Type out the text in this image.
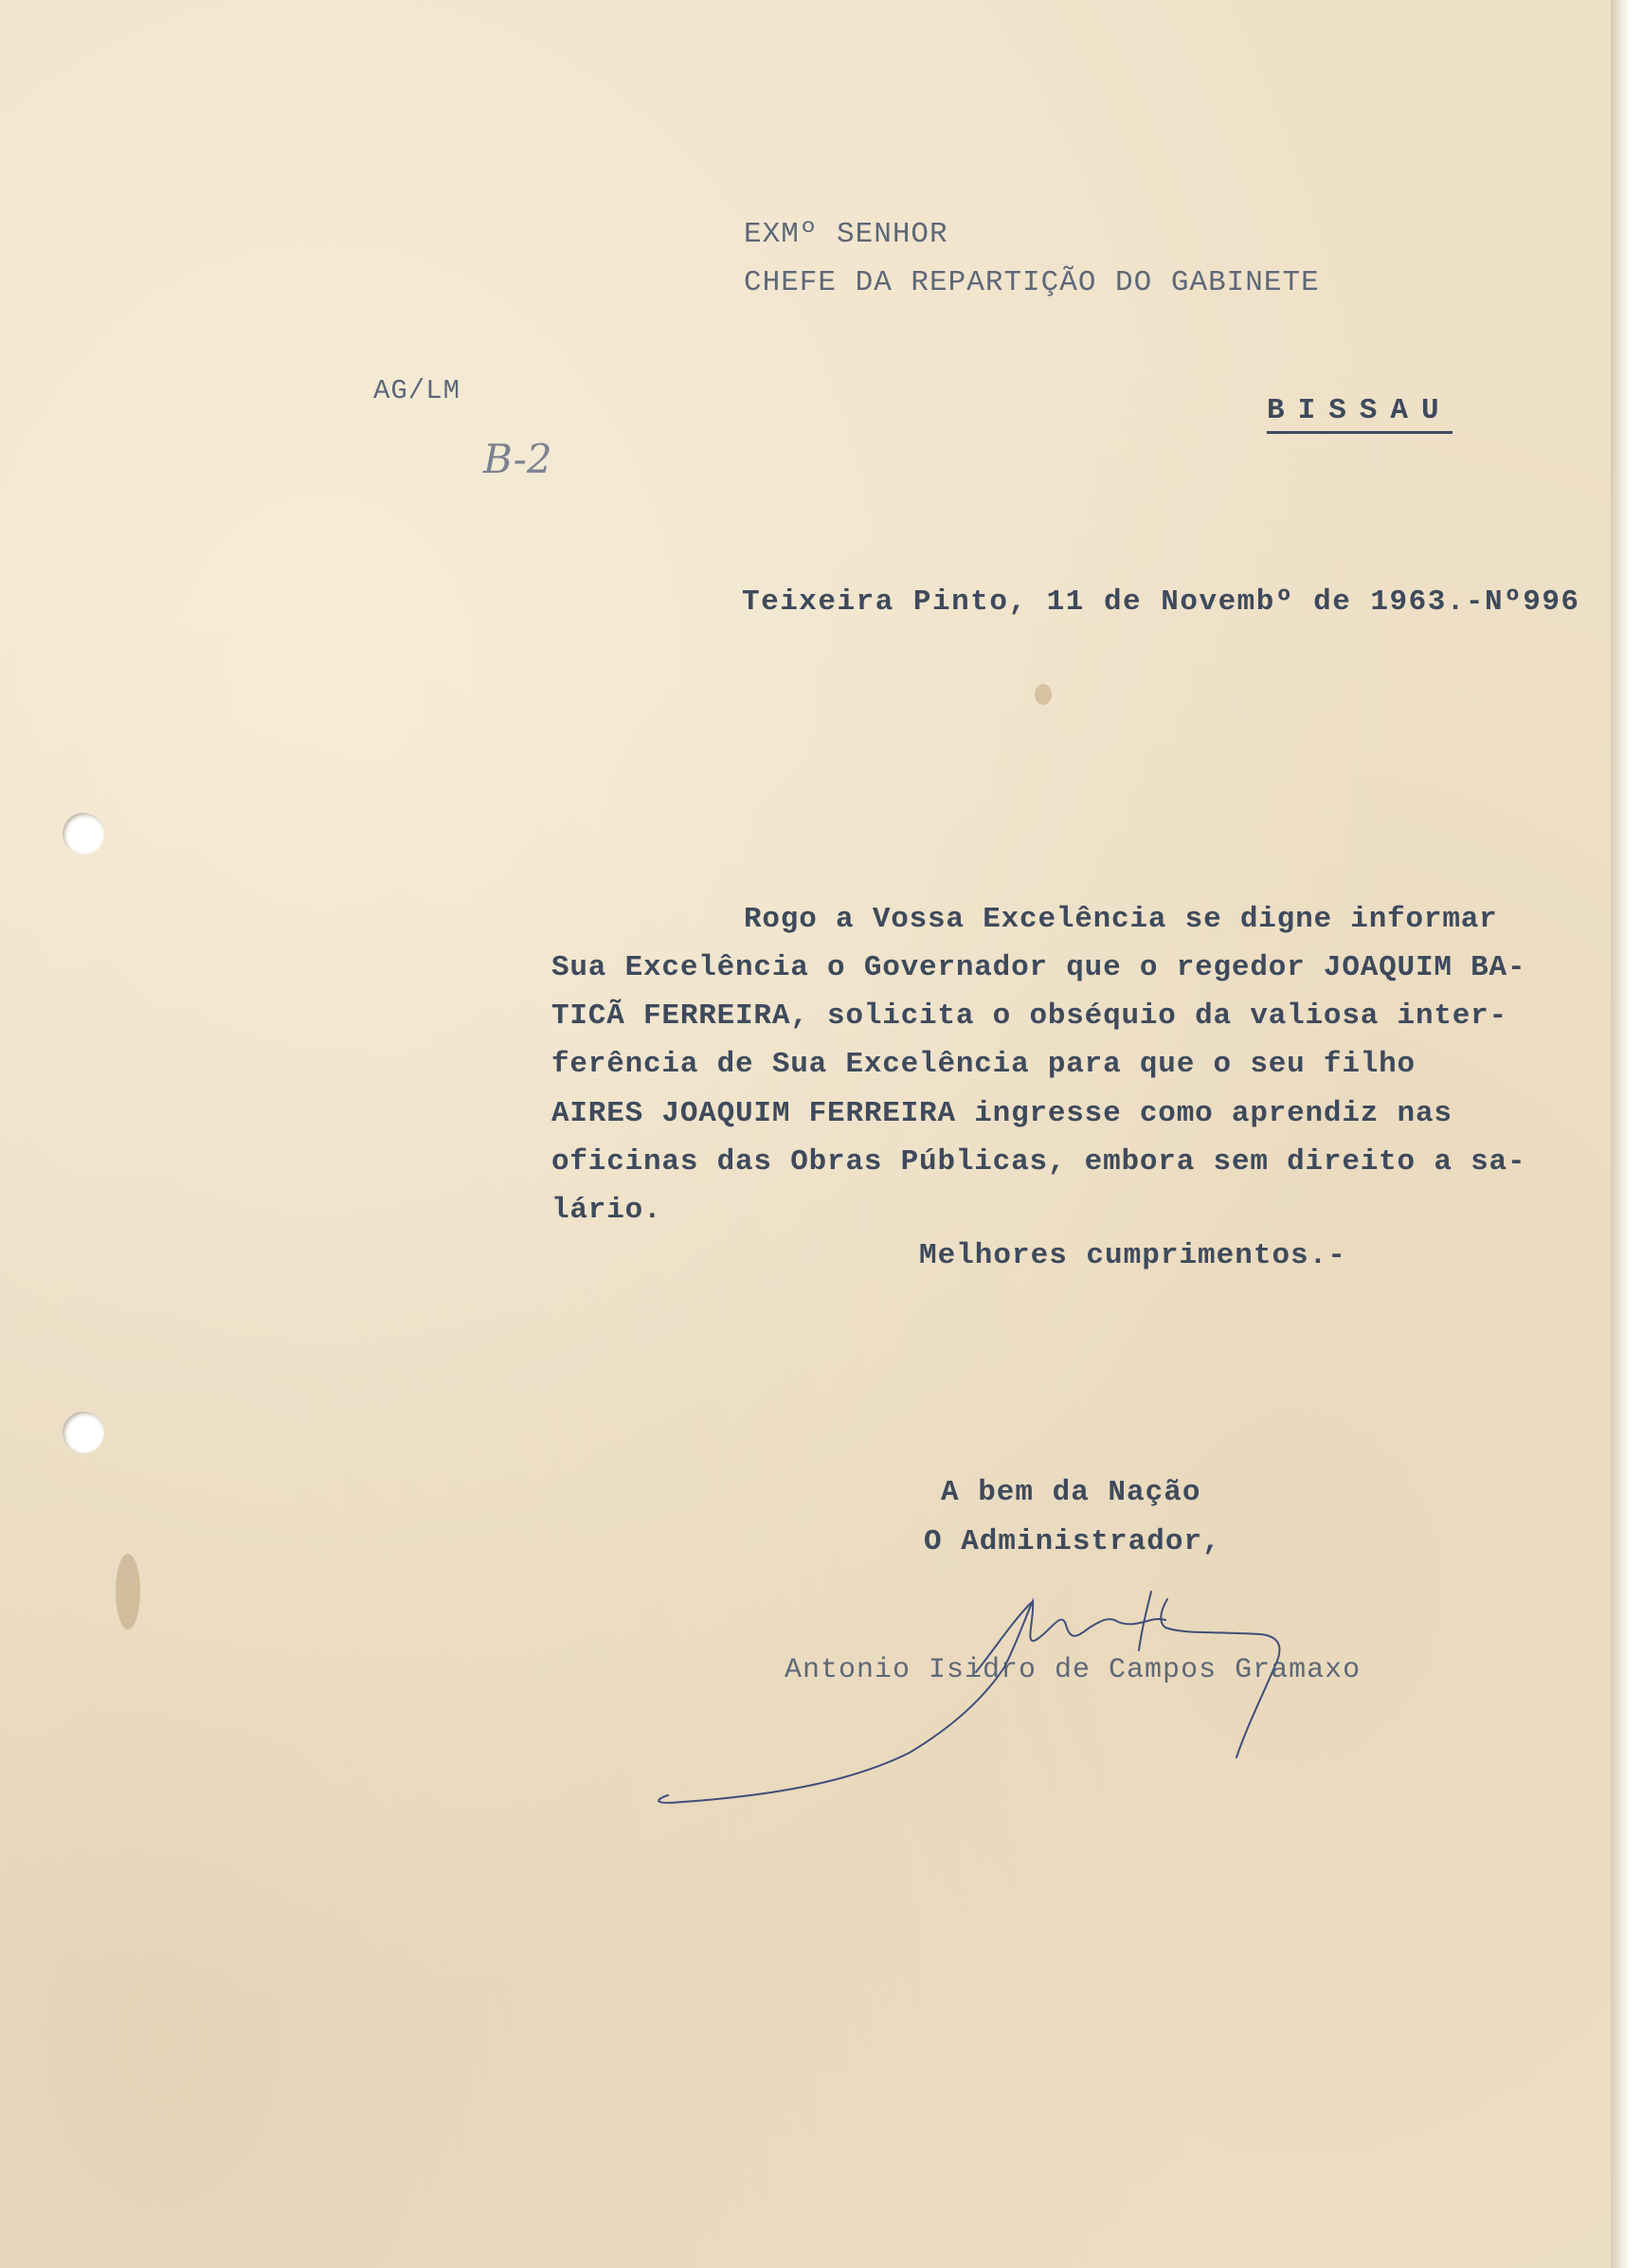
EXMº SENHOR
CHEFE DA REPARTIÇÃO DO GABINETE
AG/LM
B-2
BISSAU
Teixeira Pinto, 11 de Novembº de 1963.-Nº996
Rogo a Vossa Excelência se digne informar
Sua Excelência o Governador que o regedor JOAQUIM BA-
TICÃ FERREIRA, solicita o obséquio da valiosa inter-
ferência de Sua Excelência para que o seu filho
AIRES JOAQUIM FERREIRA ingresse como aprendiz nas
oficinas das Obras Públicas, embora sem direito a sa-
lário.
Melhores cumprimentos.-
A bem da Nação
O Administrador,
Antonio Isidro de Campos Gramaxo
